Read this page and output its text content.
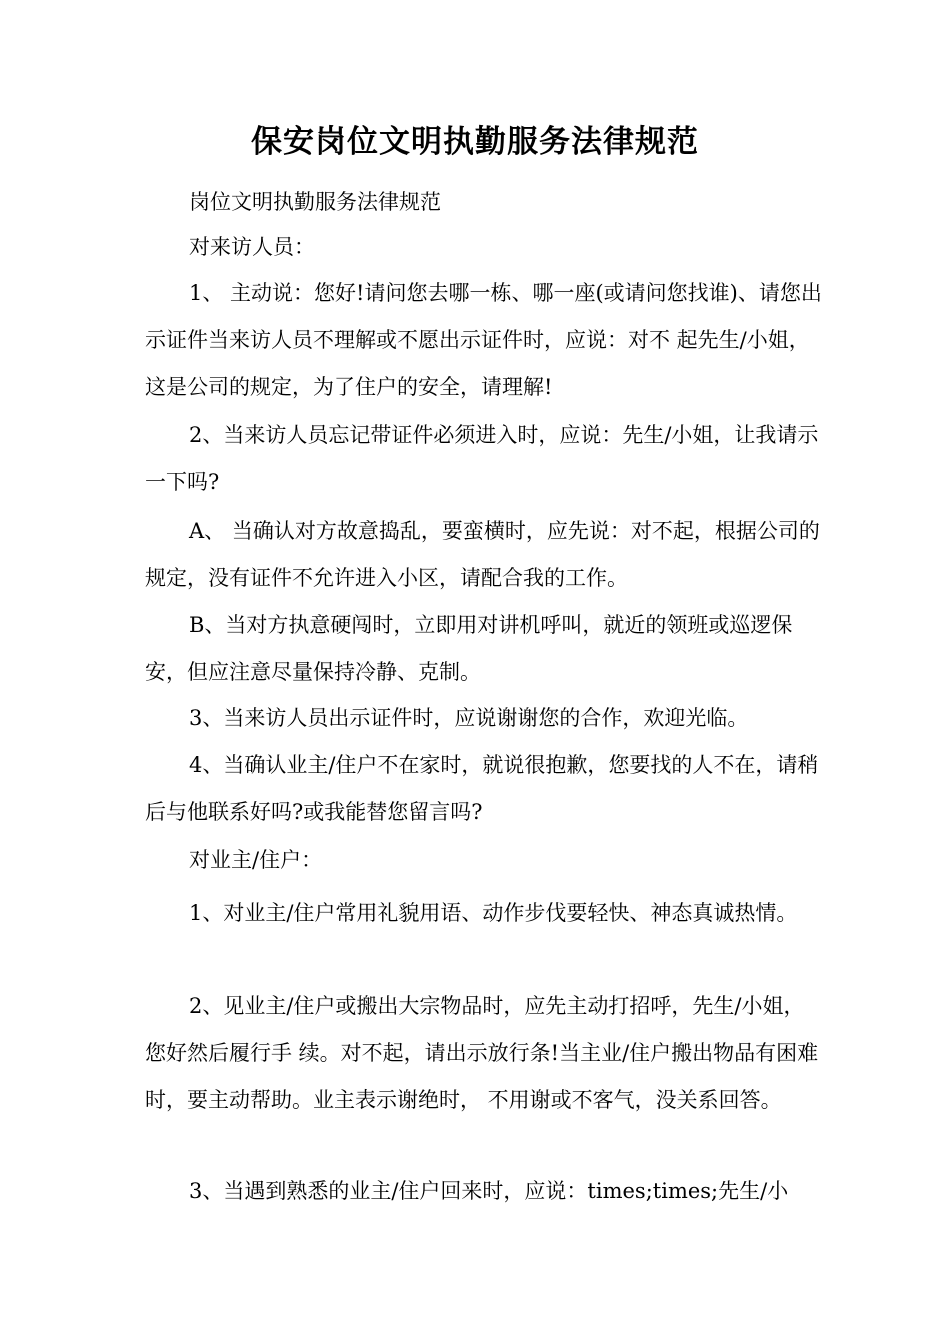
保安岗位文明执勤服务法律规范

岗位文明执勤服务法律规范

对来访人员：

1、 主动说：您好!请问您去哪一栋、哪一座(或请问您找谁)、请您出示证件当来访人员不理解或不愿出示证件时，应说：对不 起先生/小姐，这是公司的规定，为了住户的安全，请理解!

2、当来访人员忘记带证件必须进入时，应说：先生/小姐，让我请示一下吗?

A、 当确认对方故意捣乱，要蛮横时，应先说：对不起，根据公司的规定，没有证件不允许进入小区，请配合我的工作。

B、当对方执意硬闯时，立即用对讲机呼叫，就近的领班或巡逻保安，但应注意尽量保持冷静、克制。

3、当来访人员出示证件时，应说谢谢您的合作，欢迎光临。

4、当确认业主/住户不在家时，就说很抱歉，您要找的人不在，请稍后与他联系好吗?或我能替您留言吗?

对业主/住户：

1、对业主/住户常用礼貌用语、动作步伐要轻快、神态真诚热情。

2、见业主/住户或搬出大宗物品时，应先主动打招呼，先生/小姐，您好然后履行手 续。对不起，请出示放行条!当主业/住户搬出物品有困难时，要主动帮助。业主表示谢绝时， 不用谢或不客气，没关系回答。

3、当遇到熟悉的业主/住户回来时，应说：times;times;先生/小
